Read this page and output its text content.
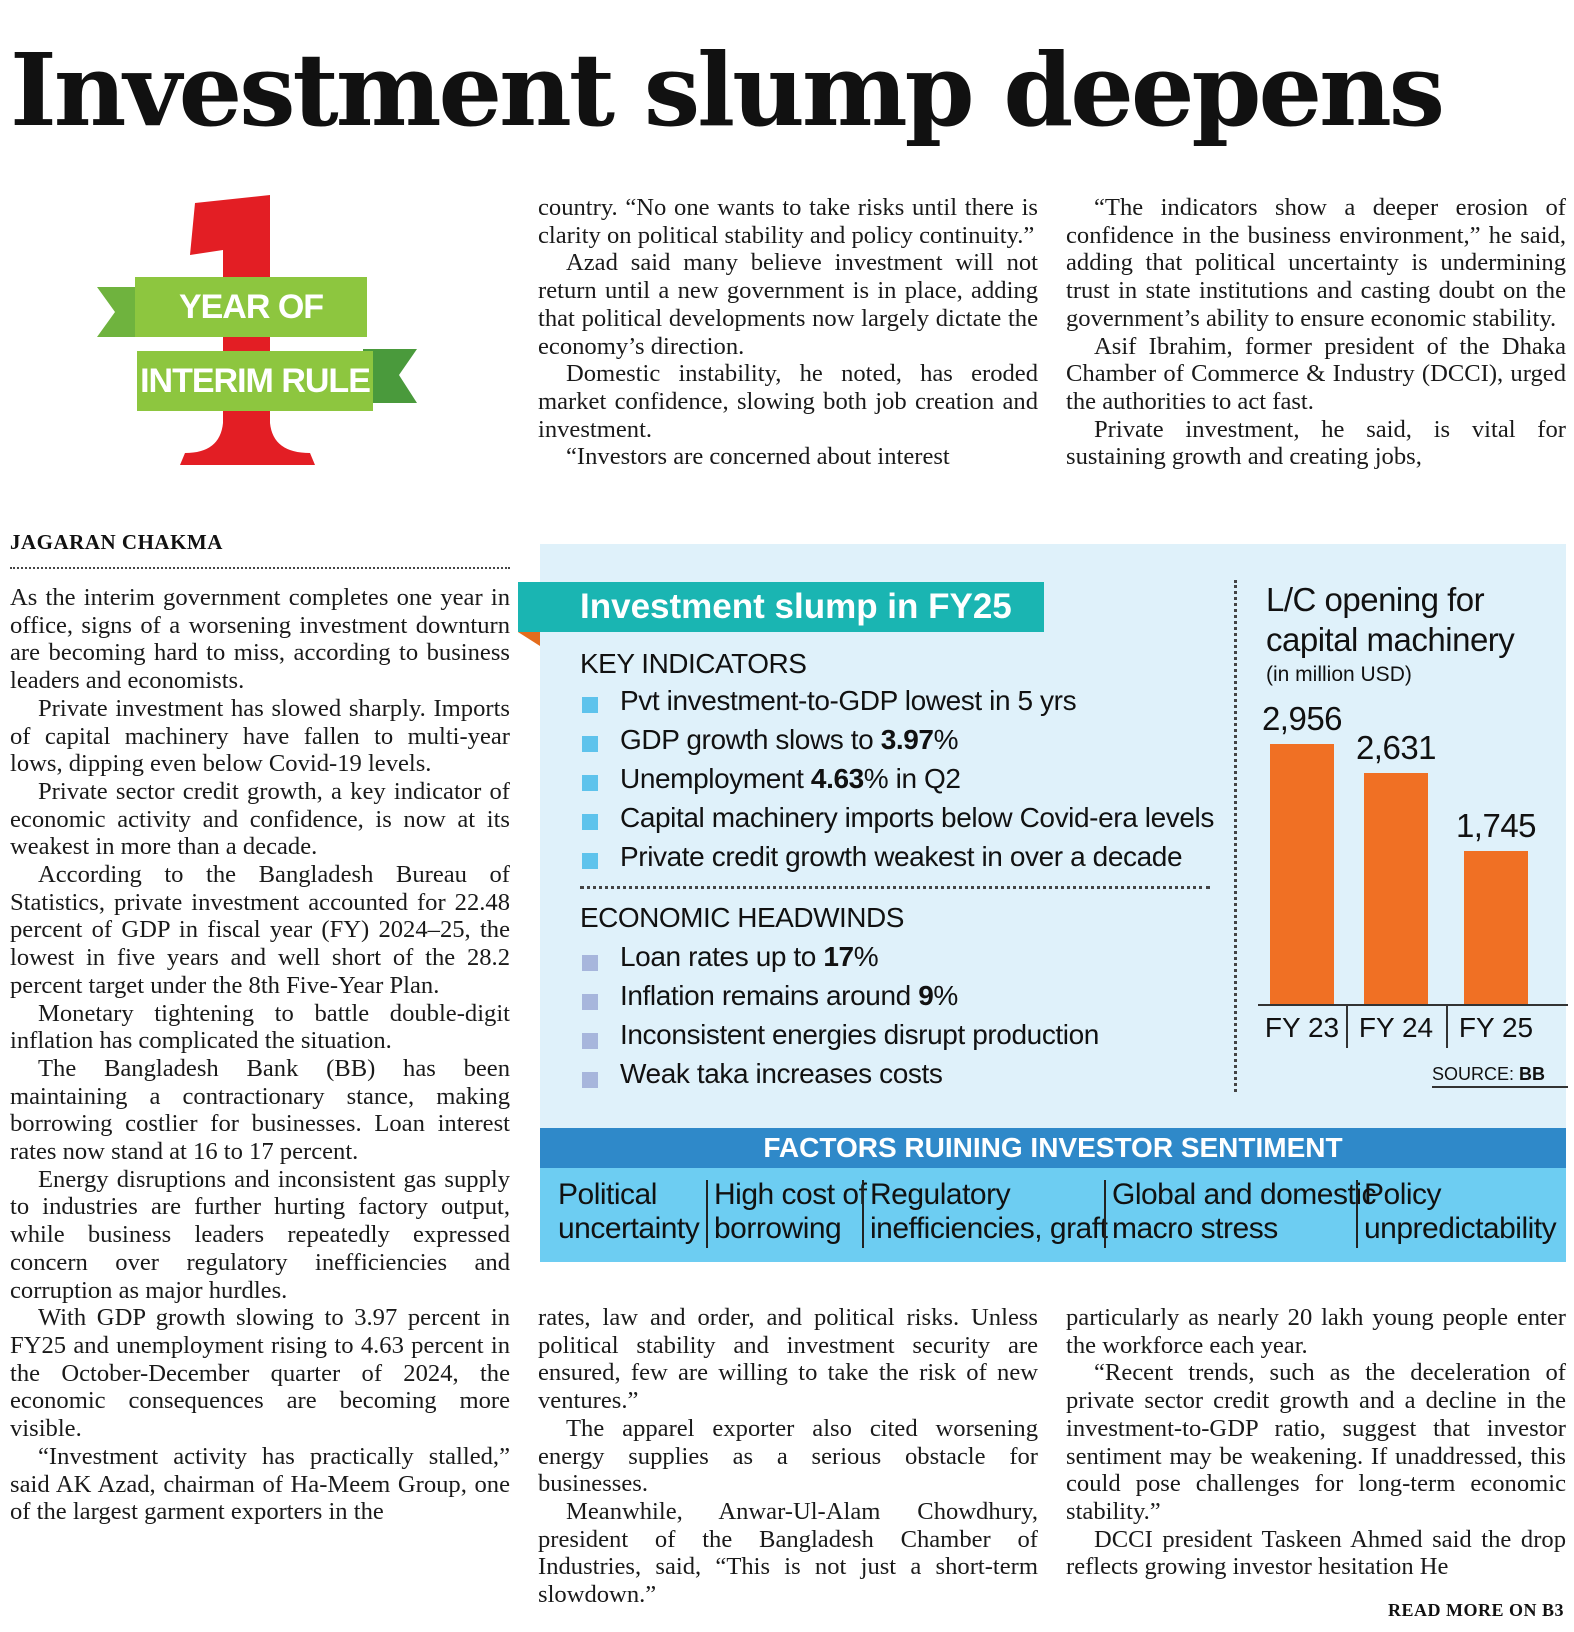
Investment slump deepens
YEAR OF
INTERIM RULE
JAGARAN CHAKMA

As the interim government completes one year in office, signs of a worsening investment downturn are becoming hard to miss, according to business leaders and economists.

Private investment has slowed sharply. Imports of capital machinery have fallen to multi-year lows, dipping even below Covid-19 levels.

Private sector credit growth, a key indicator of economic activity and confidence, is now at its weakest in more than a decade.

According to the Bangladesh Bureau of Statistics, private investment accounted for 22.48 percent of GDP in fiscal year (FY) 2024–25, the lowest in five years and well short of the 28.2 percent target under the 8th Five-Year Plan.

Monetary tightening to battle double-digit inflation has complicated the situation.

The Bangladesh Bank (BB) has been maintaining a contractionary stance, making borrowing costlier for businesses. Loan interest rates now stand at 16 to 17 percent.

Energy disruptions and inconsistent gas supply to industries are further hurting factory output, while business leaders repeatedly expressed concern over regulatory inefficiencies and corruption as major hurdles.

With GDP growth slowing to 3.97 percent in FY25 and unemployment rising to 4.63 percent in the October-December quarter of 2024, the economic consequences are becoming more visible.

“Investment activity has practically stalled,” said AK Azad, chairman of Ha-Meem Group, one of the largest garment exporters in the

country. “No one wants to take risks until there is clarity on political stability and policy continuity.”

Azad said many believe investment will not return until a new government is in place, adding that political developments now largely dictate the economy’s direction.

Domestic instability, he noted, has eroded market confidence, slowing both job creation and investment.

“Investors are concerned about interest

“The indicators show a deeper erosion of confidence in the business environment,” he said, adding that political uncertainty is undermining trust in state institutions and casting doubt on the government’s ability to ensure economic stability.

Asif Ibrahim, former president of the Dhaka Chamber of Commerce & Industry (DCCI), urged the authorities to act fast.

Private investment, he said, is vital for sustaining growth and creating jobs,

Investment slump in FY25
KEY INDICATORS
Pvt investment-to-GDP lowest in 5 yrs
GDP growth slows to 3.97%
Unemployment 4.63% in Q2
Capital machinery imports below Covid-era levels
Private credit growth weakest in over a decade
ECONOMIC HEADWINDS
Loan rates up to 17%
Inflation remains around 9%
Inconsistent energies disrupt production
Weak taka increases costs
L/C opening for capital machinery
(in million USD)
2,956
2,631
1,745
FY 23 FY 24 FY 25
SOURCE: BB
FACTORS RUINING INVESTOR SENTIMENT
Political
uncertainty
High cost of
borrowing
Regulatory
inefficiencies, graft
Global and domestic
macro stress
Policy
unpredictability

rates, law and order, and political risks. Unless political stability and investment security are ensured, few are willing to take the risk of new ventures.”

The apparel exporter also cited worsening energy supplies as a serious obstacle for businesses.

Meanwhile, Anwar-Ul-Alam Chowdhury, president of the Bangladesh Chamber of Industries, said, “This is not just a short-term slowdown.”

particularly as nearly 20 lakh young people enter the workforce each year.

“Recent trends, such as the deceleration of private sector credit growth and a decline in the investment-to-GDP ratio, suggest that investor sentiment may be weakening. If unaddressed, this could pose challenges for long-term economic stability.”

DCCI president Taskeen Ahmed said the drop reflects growing investor hesitation He

READ MORE ON B3
